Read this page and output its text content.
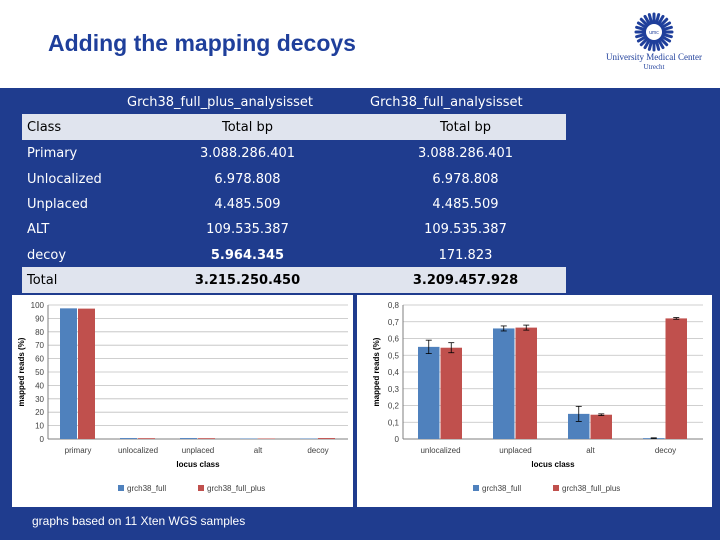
Adding the mapping decoys	umc
University Medical Center
Utrecht
Grch38_full_plus_analysisset	Grch38_full_analysisset
Class	Total bp	Total bp
Primary	3.088.286.401	3.088.286.401
Unlocalized	6.978.808	6.978.808
Unplaced	4.485.509	4.485.509
ALT	109.535.387	109.535.387
decoy	5.964.345	171.823
Total	3.215.250.450	3.209.457.928
0
10
20
30
40
50
60
70
80
90
100
primary	unlocalized	unplaced	alt	decoy
locus class
mapped reads (%)
grch38_full	grch38_full_plus
0
0,1
0,2
0,3
0,4
0,5
0,6
0,7
0,8
unlocalized	unplaced	alt	decoy
locus class
mapped reads (%)
grch38_full	grch38_full_plus
graphs based on 11 Xten WGS samples
